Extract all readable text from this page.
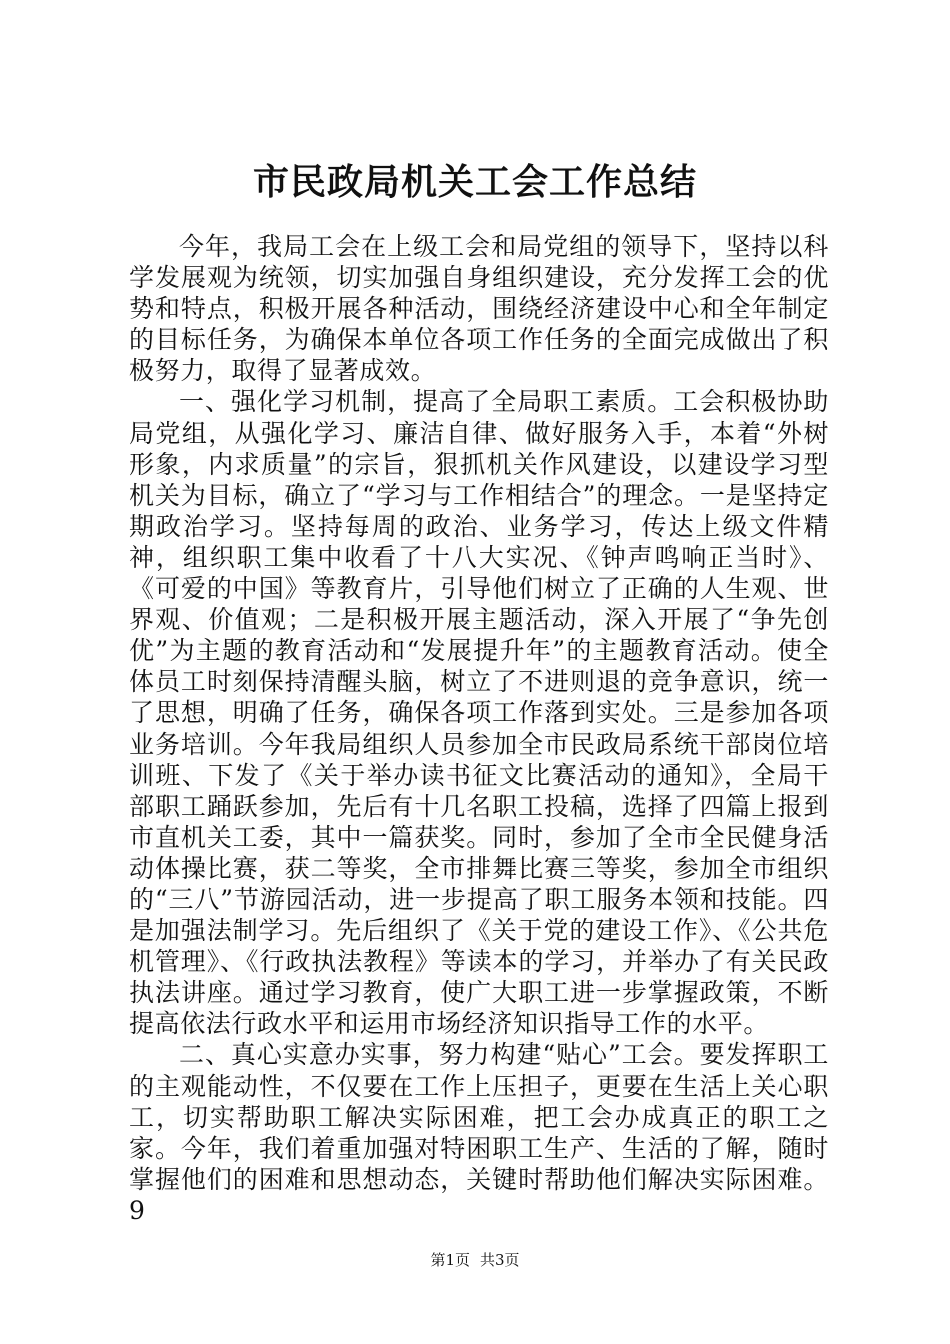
市民政局机关工会工作总结

今年，我局工会在上级工会和局党组的领导下，坚持以科学发展观为统领，切实加强自身组织建设，充分发挥工会的优势和特点，积极开展各种活动，围绕经济建设中心和全年制定的目标任务，为确保本单位各项工作任务的全面完成做出了积极努力，取得了显著成效。

一、强化学习机制，提高了全局职工素质。工会积极协助局党组，从强化学习、廉洁自律、做好服务入手，本着“外树形象，内求质量”的宗旨，狠抓机关作风建设，以建设学习型机关为目标，确立了“学习与工作相结合”的理念。一是坚持定期政治学习。坚持每周的政治、业务学习，传达上级文件精神，组织职工集中收看了十八大实况、《钟声鸣响正当时》、《可爱的中国》等教育片，引导他们树立了正确的人生观、世界观、价值观；二是积极开展主题活动，深入开展了“争先创优”为主题的教育活动和“发展提升年”的主题教育活动。使全体员工时刻保持清醒头脑，树立了不进则退的竞争意识，统一了思想，明确了任务，确保各项工作落到实处。三是参加各项业务培训。今年我局组织人员参加全市民政局系统干部岗位培训班、下发了《关于举办读书征文比赛活动的通知》，全局干部职工踊跃参加，先后有十几名职工投稿，选择了四篇上报到市直机关工委，其中一篇获奖。同时，参加了全市全民健身活动体操比赛，获二等奖，全市排舞比赛三等奖，参加全市组织的“三八”节游园活动，进一步提高了职工服务本领和技能。四是加强法制学习。先后组织了《关于党的建设工作》、《公共危机管理》、《行政执法教程》等读本的学习，并举办了有关民政执法讲座。通过学习教育，使广大职工进一步掌握政策，不断提高依法行政水平和运用市场经济知识指导工作的水平。

二、真心实意办实事，努力构建“贴心”工会。要发挥职工的主观能动性，不仅要在工作上压担子，更要在生活上关心职工，切实帮助职工解决实际困难，把工会办成真正的职工之家。今年，我们着重加强对特困职工生产、生活的了解，随时掌握他们的困难和思想动态，关键时帮助他们解决实际困难。9

第1页 共3页
